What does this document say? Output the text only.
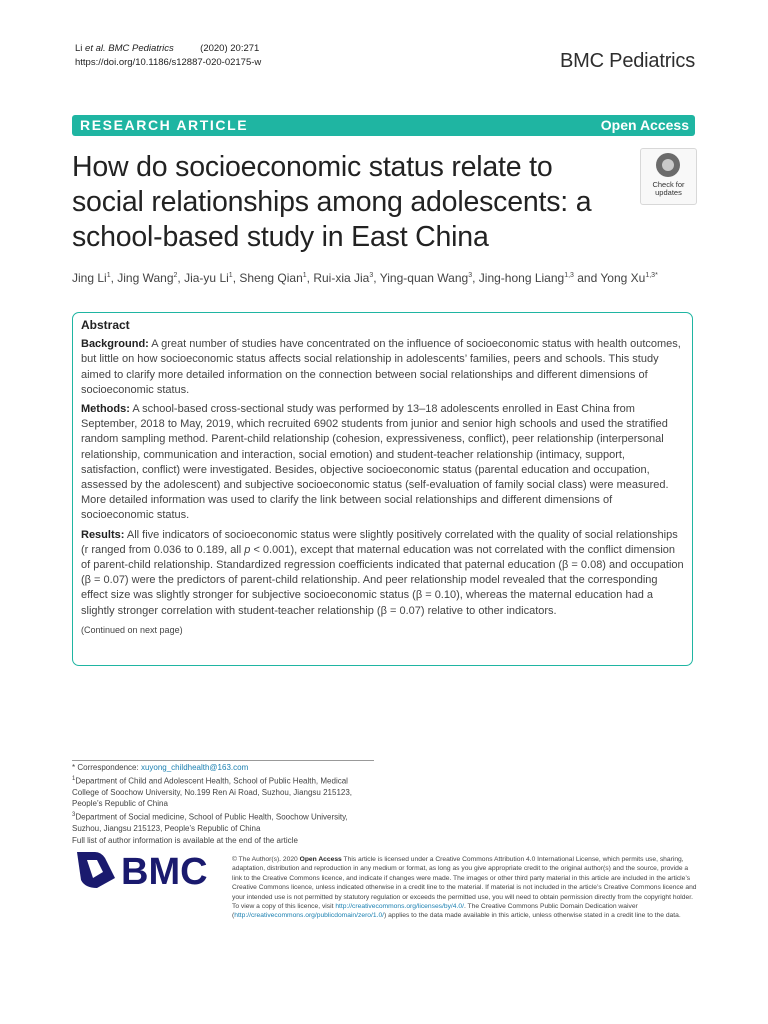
Li et al. BMC Pediatrics	(2020) 20:271
https://doi.org/10.1186/s12887-020-02175-w	BMC Pediatrics
RESEARCH ARTICLE	Open Access
How do socioeconomic status relate to social relationships among adolescents: a school-based study in East China
Check for
updates
Jing Li$^1$, Jing Wang$^2$, Jia-yu Li$^1$, Sheng Qian$^1$, Rui-xia Jia$^3$, Ying-quan Wang$^3$, Jing-hong Liang$^{1,3}$ and Yong $Xu^{1,3*}$
Abstract

Background: A great number of studies have concentrated on the influence of socioeconomic status with health outcomes, but little on how socioeconomic status affects social relationship in adolescents’ families, peers and schools. This study aimed to clarify more detailed information on the connection between social relationships and different dimensions of socioeconomic status.

Methods: A school-based cross-sectional study was performed by 13–18 adolescents enrolled in East China from September, 2018 to May, 2019, which recruited 6902 students from junior and senior high schools and used the stratified random sampling method. Parent-child relationship (cohesion, expressiveness, conflict), peer relationship (interpersonal relationship, communication and interaction, social emotion) and student-teacher relationship (intimacy, support, satisfaction, conflict) were investigated. Besides, objective socioeconomic status (parental education and occupation, assessed by the adolescent) and subjective socioeconomic status (self-evaluation of family social class) were measured. More detailed information was used to clarify the link between social relationships and different dimensions of socioeconomic status.

Results: All five indicators of socioeconomic status were slightly positively correlated with the quality of social relationships (r ranged from 0.036 to 0.189, all p < 0.001), except that maternal education was not correlated with the conflict dimension of parent-child relationship. Standardized regression coefficients indicated that paternal education (β = 0.08) and occupation (β = 0.07) were the predictors of parent-child relationship. And peer relationship model revealed that the corresponding effect size was slightly stronger for subjective socioeconomic status (β = 0.10), whereas the maternal education had a slightly stronger correlation with student-teacher relationship (β = 0.07) relative to other indicators.

(Continued on next page)

* Correspondence: xuyong_childhealth@163.com

$^1$Department of Child and Adolescent Health, School of Public Health, Medical College of Soochow University, No.199 Ren Ai Road, Suzhou, Jiangsu 215123, People’s Republic of China

$^3$Department of Social medicine, School of Public Health, Soochow University, Suzhou, Jiangsu 215123, People’s Republic of China

Full list of author information is available at the end of the article

BMC	© The Author(s). 2020 Open Access This article is licensed under a Creative Commons Attribution 4.0 International License, which permits use, sharing, adaptation, distribution and reproduction in any medium or format, as long as you give appropriate credit to the original author(s) and the source, provide a link to the Creative Commons licence, and indicate if changes were made. The images or other third party material in this article are included in the article’s Creative Commons licence, unless indicated otherwise in a credit line to the material. If material is not included in the article’s Creative Commons licence and your intended use is not permitted by statutory regulation or exceeds the permitted use, you will need to obtain permission directly from the copyright holder. To view a copy of this licence, visit http://creativecommons.org/licenses/by/4.0/. The Creative Commons Public Domain Dedication waiver (http://creativecommons.org/publicdomain/zero/1.0/) applies to the data made available in this article, unless otherwise stated in a credit line to the data.
